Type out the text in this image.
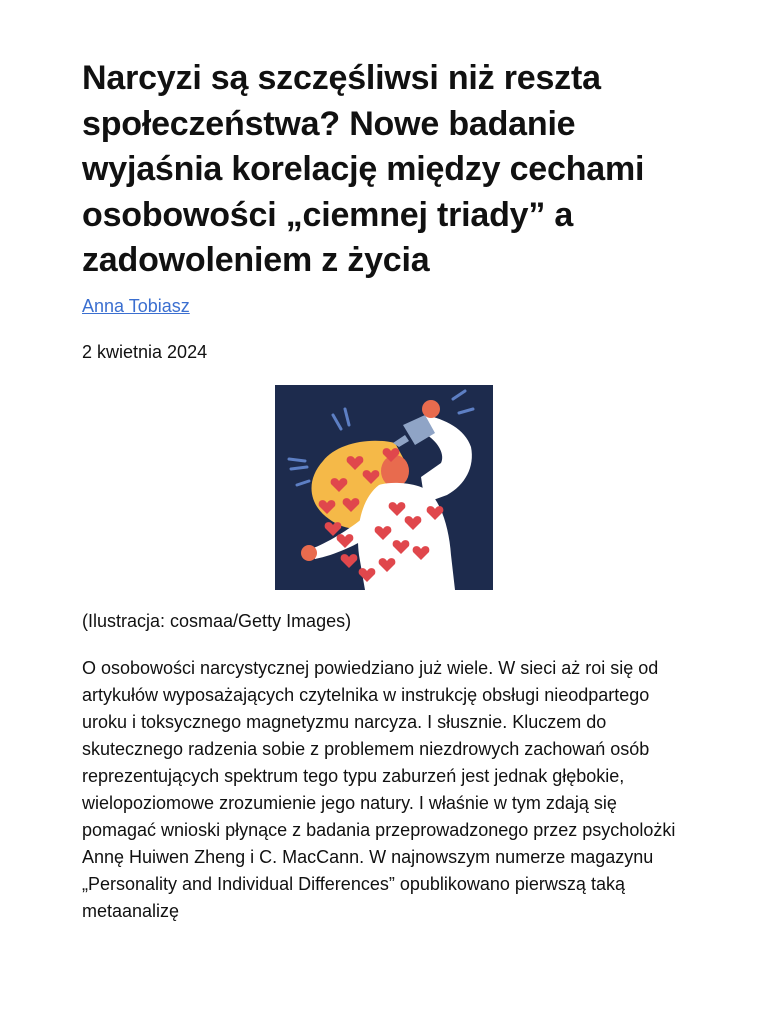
Narcyzi są szczęśliwsi niż reszta społeczeństwa? Nowe badanie wyjaśnia korelację między cechami osobowości „ciemnej triady” a zadowoleniem z życia
Anna Tobiasz
2 kwietnia 2024
(Ilustracja: cosmaa/Getty Images)

O osobowości narcystycznej powiedziano już wiele. W sieci aż roi się od artykułów wyposażających czytelnika w instrukcję obsługi nieodpartego uroku i toksycznego magnetyzmu narcyza. I słusznie. Kluczem do skutecznego radzenia sobie z problemem niezdrowych zachowań osób reprezentujących spektrum tego typu zaburzeń jest jednak głębokie, wielopoziomowe zrozumienie jego natury. I właśnie w tym zdają się pomagać wnioski płynące z badania przeprowadzonego przez psycholożki Annę Huiwen Zheng i C. MacCann. W najnowszym numerze magazynu „Personality and Individual Differences” opublikowano pierwszą taką metaanalizę
